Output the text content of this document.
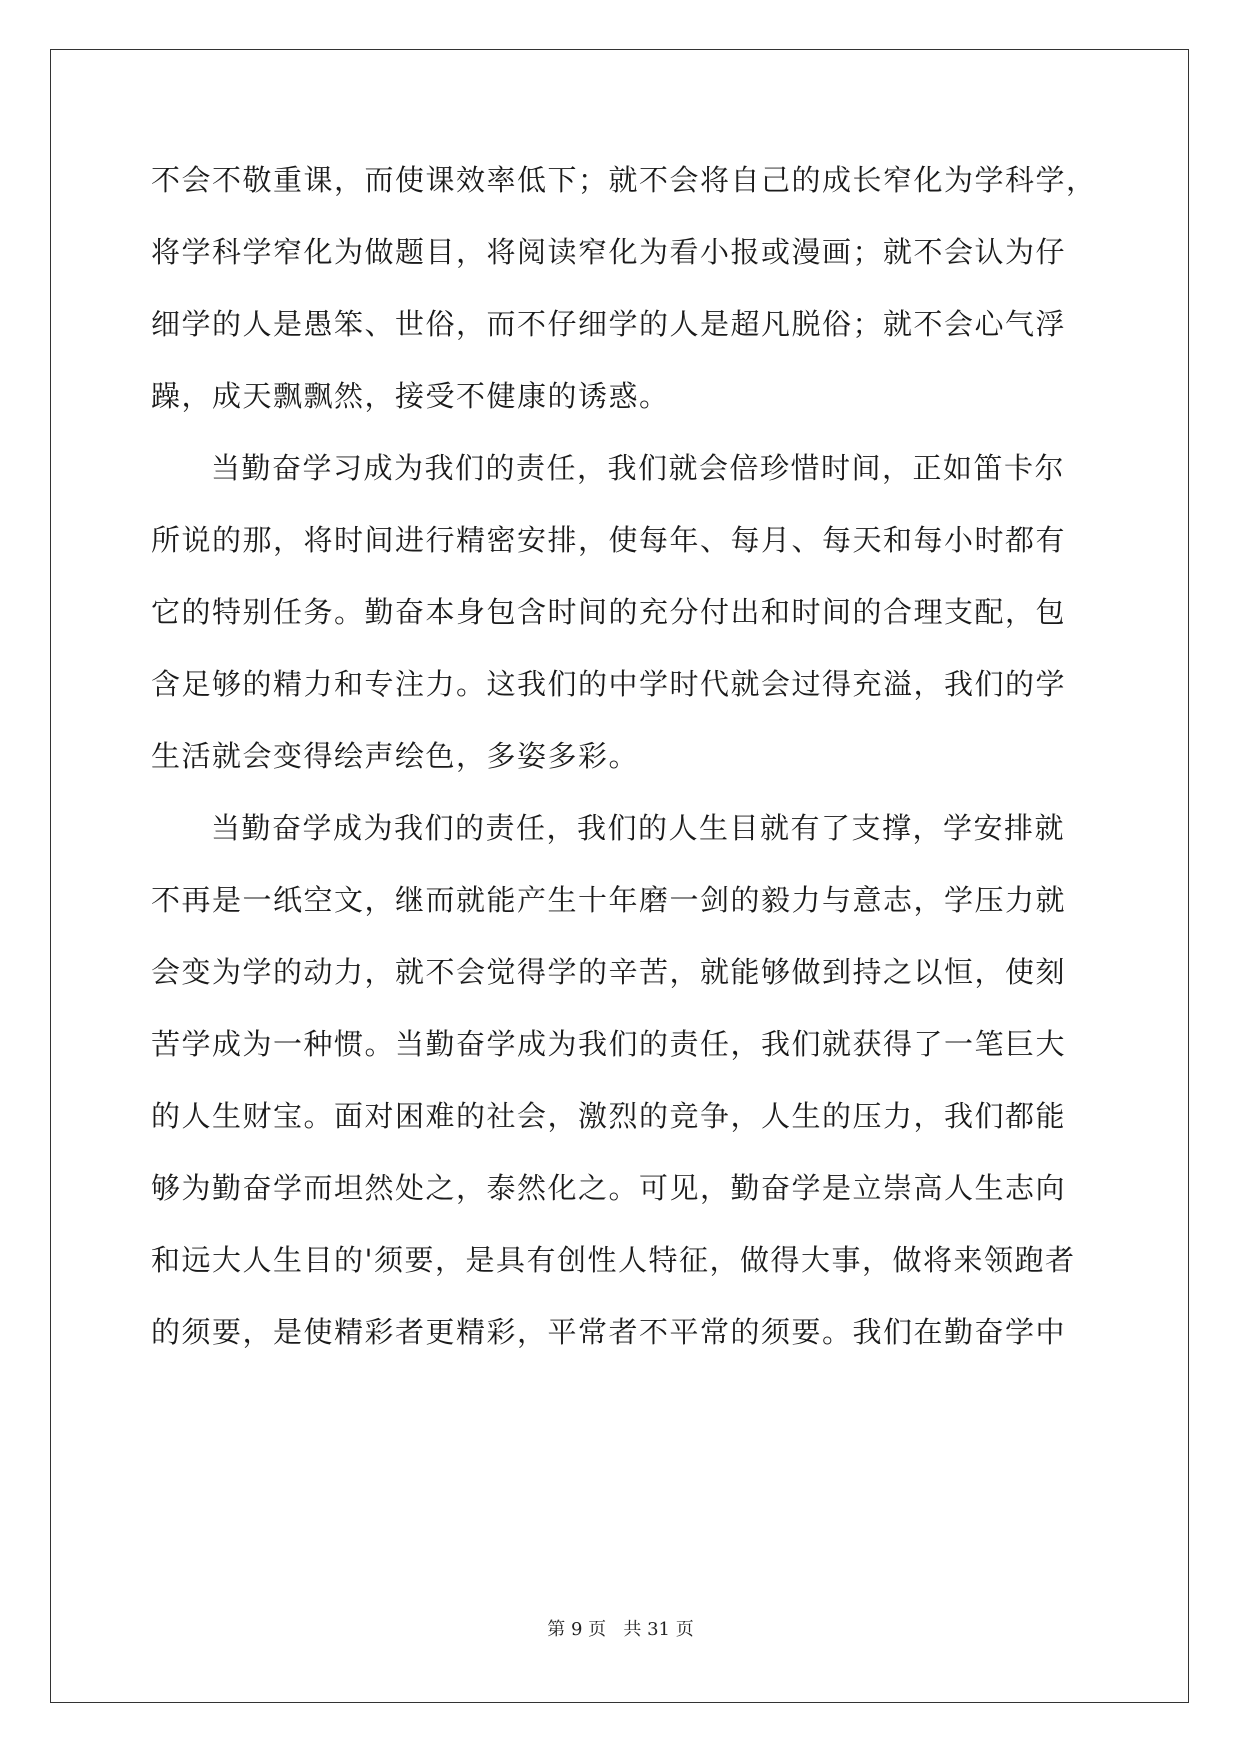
不会不敬重课，而使课效率低下；就不会将自己的成长窄化为学科学，
将学科学窄化为做题目，将阅读窄化为看小报或漫画；就不会认为仔
细学的人是愚笨、世俗，而不仔细学的人是超凡脱俗；就不会心气浮
躁，成天飘飘然，接受不健康的诱惑。
当勤奋学习成为我们的责任，我们就会倍珍惜时间，正如笛卡尔
所说的那，将时间进行精密安排，使每年、每月、每天和每小时都有
它的特别任务。勤奋本身包含时间的充分付出和时间的合理支配，包
含足够的精力和专注力。这我们的中学时代就会过得充溢，我们的学
生活就会变得绘声绘色，多姿多彩。
当勤奋学成为我们的责任，我们的人生目就有了支撑，学安排就
不再是一纸空文，继而就能产生十年磨一剑的毅力与意志，学压力就
会变为学的动力，就不会觉得学的辛苦，就能够做到持之以恒，使刻
苦学成为一种惯。当勤奋学成为我们的责任，我们就获得了一笔巨大
的人生财宝。面对困难的社会，激烈的竞争，人生的压力，我们都能
够为勤奋学而坦然处之，泰然化之。可见，勤奋学是立崇高人生志向
和远大人生目的'须要，是具有创性人特征，做得大事，做将来领跑者
的须要，是使精彩者更精彩，平常者不平常的须要。我们在勤奋学中
第 9 页 共 31 页
